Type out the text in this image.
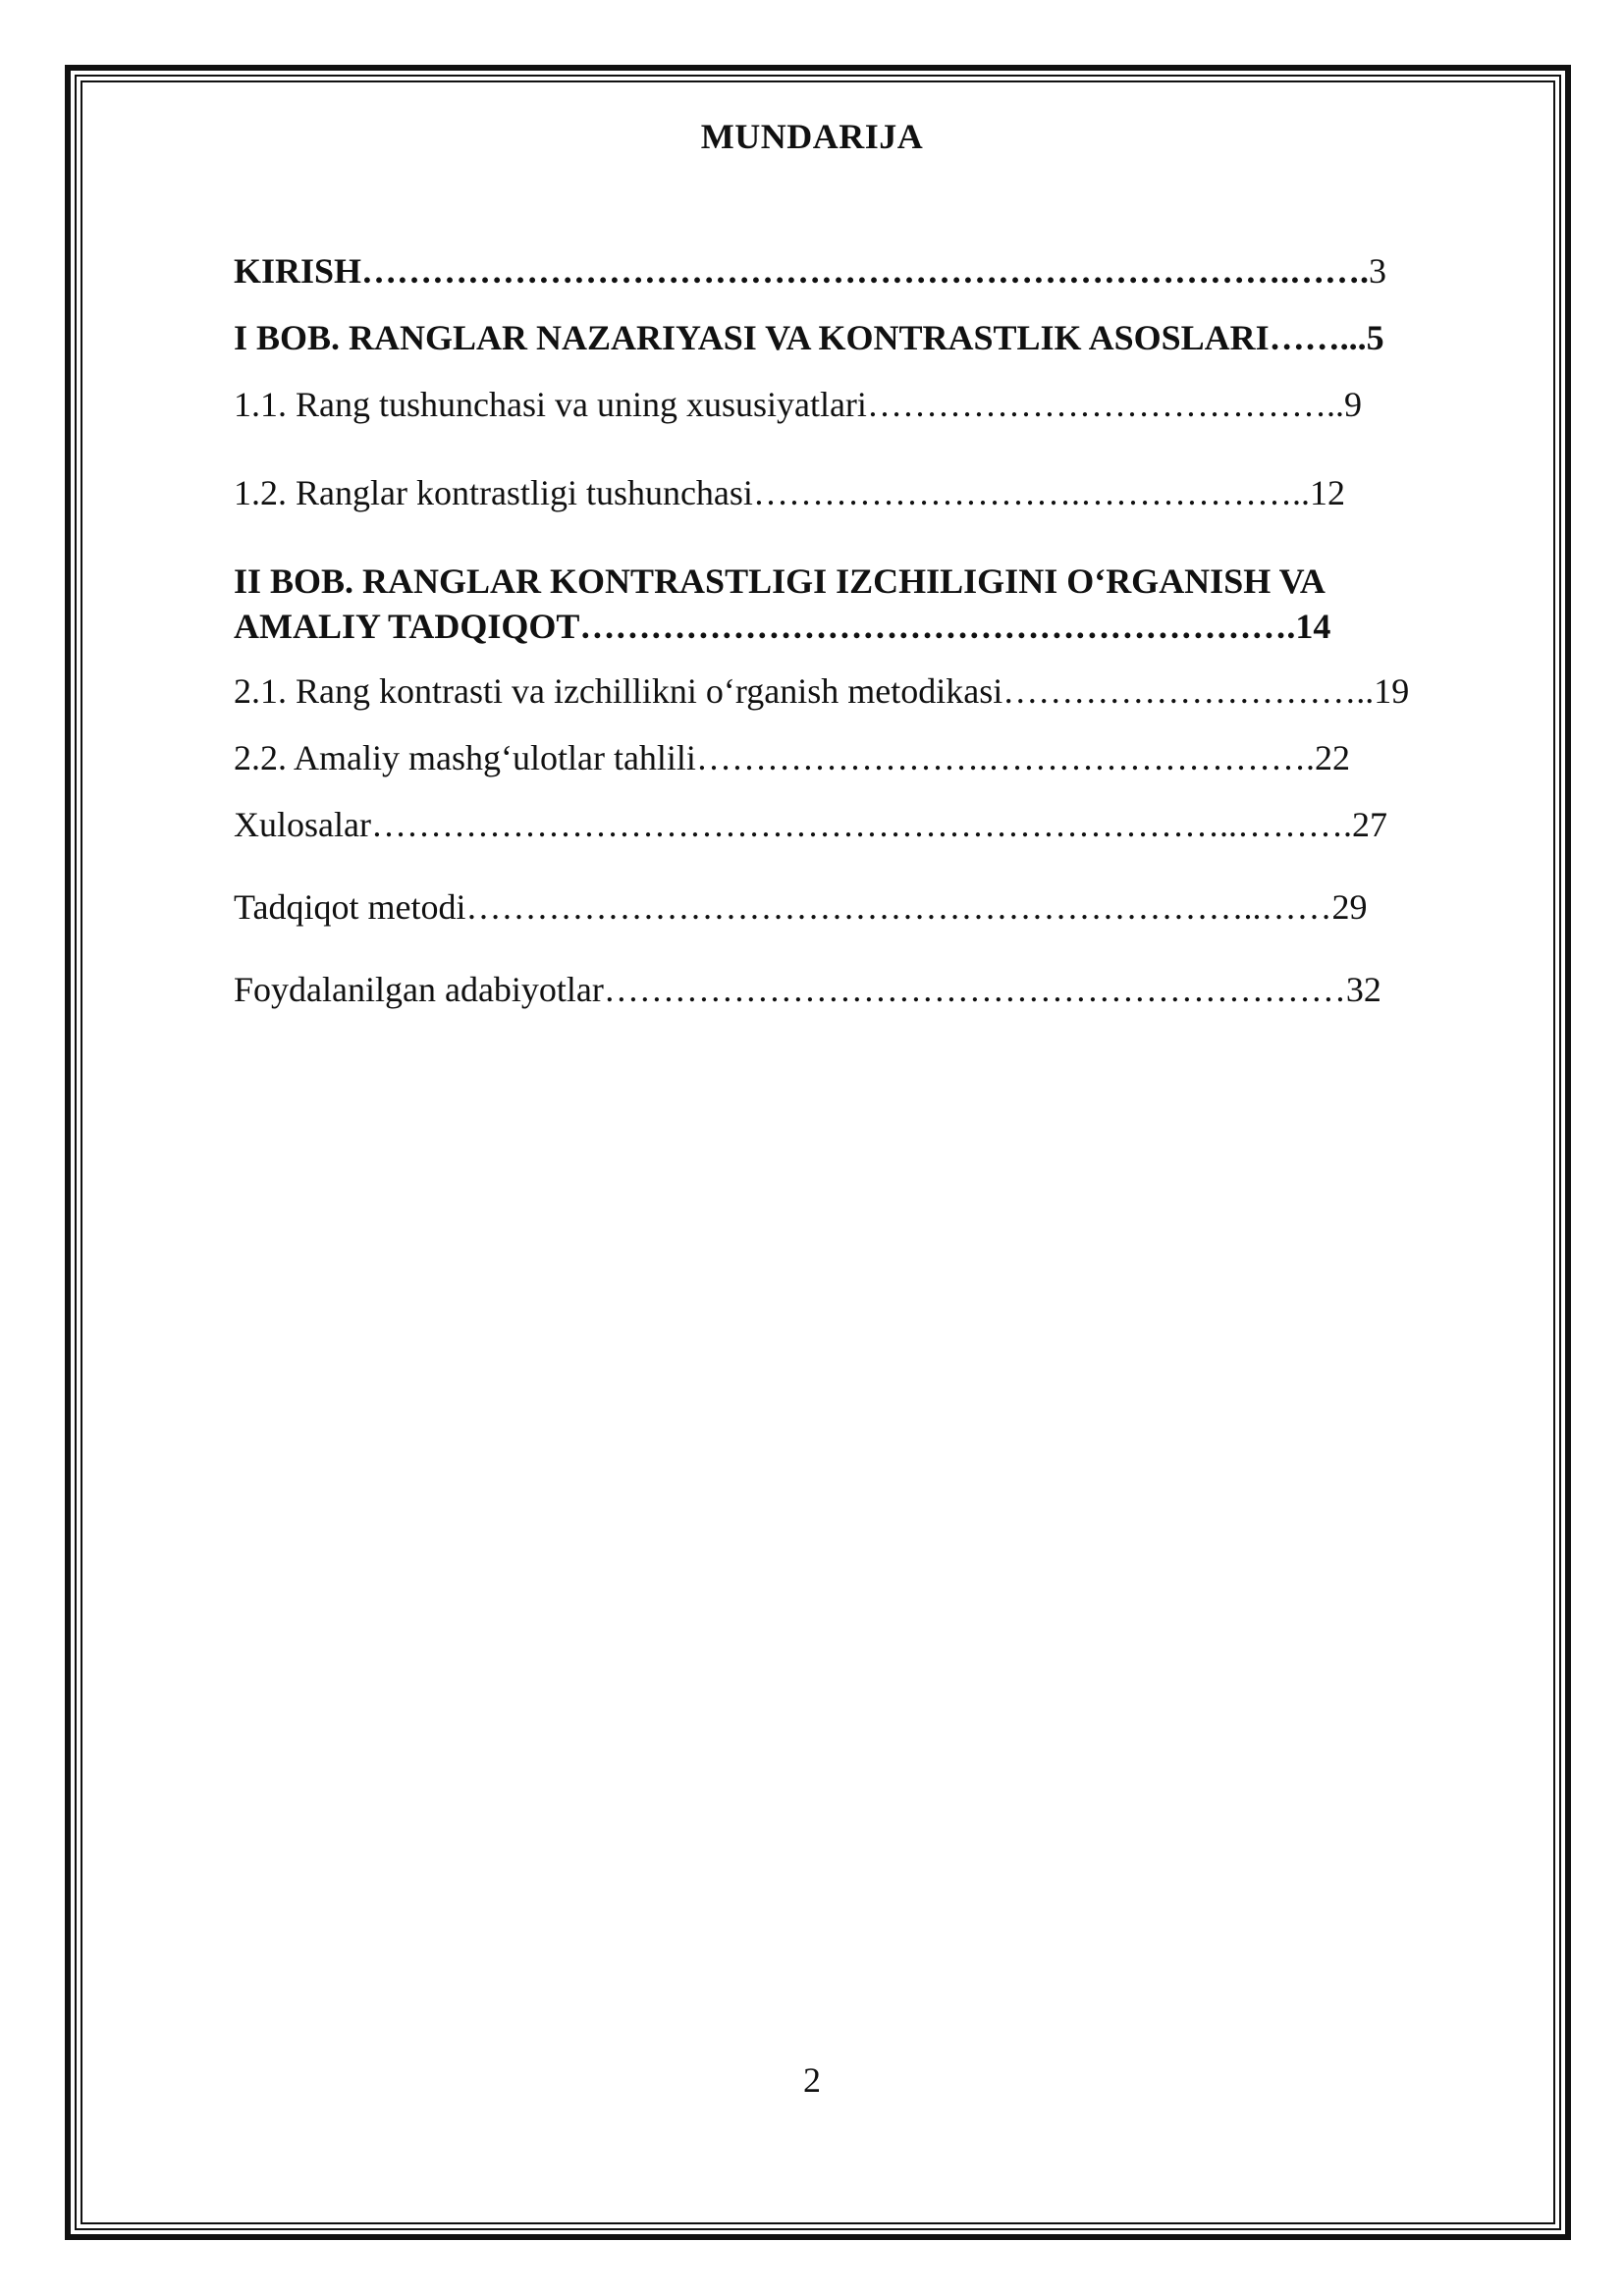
MUNDARIJA
KIRISH…………………………………………………………………….…….3
I BOB. RANGLAR NAZARIYASI VA KONTRASTLIK ASOSLARI……...5
1.1. Rang tushunchasi va uning xususiyatlari…………………………………..9
1.2. Ranglar kontrastligi tushunchasi……………………….………………..12
II BOB. RANGLAR KONTRASTLIGI IZCHILIGINI O‘RGANISH VA
AMALIY TADQIQOT…………………………………………………….14
2.1. Rang kontrasti va izchillikni o‘rganish metodikasi…………………………..19
2.2. Amaliy mashg‘ulotlar tahlili…………………….……………………….22
Xulosalar………………………………………………………………..……….27
Tadqiqot metodi…………………………………………………………..……29
Foydalanilgan adabiyotlar………………………………………………………32
2
